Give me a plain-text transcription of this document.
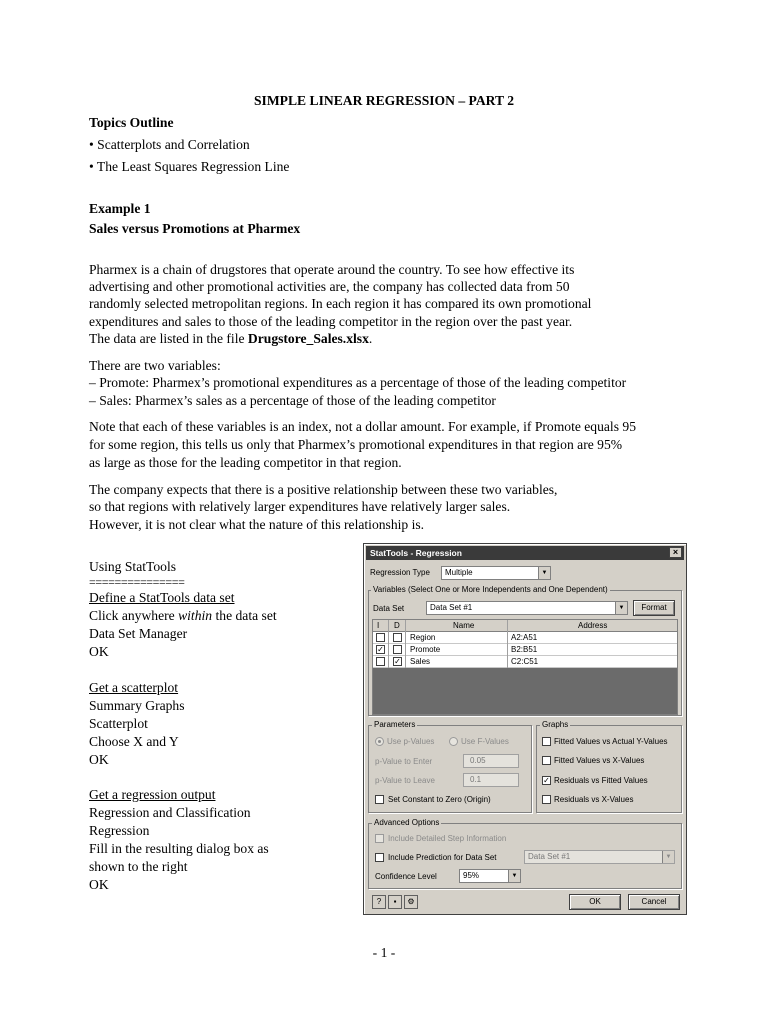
SIMPLE LINEAR REGRESSION – PART 2
Topics Outline
• Scatterplots and Correlation
• The Least Squares Regression Line
Example 1
Sales versus Promotions at Pharmex
Pharmex is a chain of drugstores that operate around the country. To see how effective its
advertising and other promotional activities are, the company has collected data from 50
randomly selected metropolitan regions. In each region it has compared its own promotional
expenditures and sales to those of the leading competitor in the region over the past year.
The data are listed in the file Drugstore_Sales.xlsx.
There are two variables:
– Promote: Pharmex’s promotional expenditures as a percentage of those of the leading competitor
– Sales: Pharmex’s sales as a percentage of those of the leading competitor
Note that each of these variables is an index, not a dollar amount. For example, if Promote equals 95
for some region, this tells us only that Pharmex’s promotional expenditures in that region are 95%
as large as those for the leading competitor in that region.
The company expects that there is a positive relationship between these two variables,
so that regions with relatively larger expenditures have relatively larger sales.
However, it is not clear what the nature of this relationship is.
Using StatTools
===============
Define a StatTools data set
Click anywhere within the data set
Data Set Manager
OK
Get a scatterplot
Summary Graphs
Scatterplot
Choose X and Y
OK
Get a regression output
Regression and Classification
Regression
Fill in the resulting dialog box as
shown to the right
OK
- 1 -
StatTools - Regression	×
Regression Type	Multiple	▼
Variables (Select One or More Independents and One Dependent)
Data Set	Data Set #1	▼	Format
I D	Name	Address
Region	A2:A51
✓	Promote	B2:B51
✓ Sales	C2:C51
Parameters
Use p-Values	Use F-Values
p-Value to Enter	0.05
p-Value to Leave	0.1
Set Constant to Zero (Origin)
Graphs
Fitted Values vs Actual Y-Values
Fitted Values vs X-Values
✓ Residuals vs Fitted Values
Residuals vs X-Values
Advanced Options
Include Detailed Step Information
Include Prediction for Data Set	Data Set #1	▼
Confidence Level	95%	▼
?	▪	⚙	OK	Cancel
